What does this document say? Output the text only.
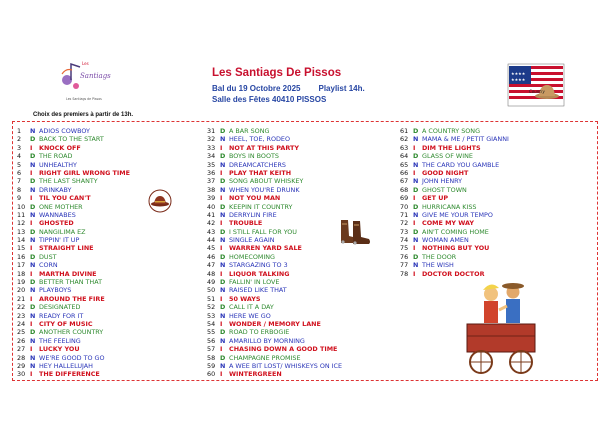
Santiags
Les
Les Santiags de Pissos
Les Santiags De Pissos
Bal du 19 Octobre 2025 Playlist 14h.
Salle des Fêtes 40410 PISSOS
★★★★
★★★★
Country
Choix des premiers à partir de 13h.
1 N ADIOS COWBOY
2 D BACK TO THE START
3 I KNOCK OFF
4 D THE ROAD
5 N UNHEALTHY
6 I RIGHT GIRL WRONG TIME
7 D THE LAST SHANTY
8 N DRINKABY
9 I TIL YOU CAN'T
10 D ONE MOTHER
11 N WANNABES
12 I GHOSTED
13 D NANGILIMA EZ
14 N TIPPIN' IT UP
15 I STRAIGHT LINE
16 D DUST
17 N CORN
18 I MARTHA DIVINE
19 D BETTER THAN THAT
20 N PLAYBOYS
21 I AROUND THE FIRE
22 D DESIGNATED
23 N READY FOR IT
24 I CITY OF MUSIC
25 D ANOTHER COUNTRY
26 N THE FEELING
27 I LUCKY YOU
28 N WE'RE GOOD TO GO
29 N HEY HALLELUJAH
30 I THE DIFFERENCE
31 D A BAR SONG
32 N HEEL, TOE, RODEO
33 I NOT AT THIS PARTY
34 D BOYS IN BOOTS
35 N DREAMCATCHERS
36 I PLAY THAT KEITH
37 D SONG ABOUT WHISKEY
38 N WHEN YOU'RE DRUNK
39 I NOT YOU MAN
40 D KEEPIN IT COUNTRY
41 N DERRYLIN FIRE
42 I TROUBLE
43 D I STILL FALL FOR YOU
44 N SINGLE AGAIN
45 I WARREN YARD SALE
46 D HOMECOMING
47 N STARGAZING TO 3
48 I LIQUOR TALKING
49 D FALLIN' IN LOVE
50 N RAISED LIKE THAT
51 I 50 WAYS
52 D CALL IT A DAY
53 N HERE WE GO
54 I WONDER / MEMORY LANE
55 D ROAD TO ERBOGIE
56 N AMARILLO BY MORNING
57 I CHASING DOWN A GOOD TIME
58 D CHAMPAGNE PROMISE
59 N A WEE BIT LOST/ WHISKEYS ON ICE
60 I WINTERGREEN
61 D A COUNTRY SONG
62 N MAMA & ME / PETIT GIANNI
63 I DIM THE LIGHTS
64 D GLASS OF WINE
65 N THE CARD YOU GAMBLE
66 I GOOD NIGHT
67 N JOHN HENRY
68 D GHOST TOWN
69 I GET UP
70 D HURRICANA KISS
71 N GIVE ME YOUR TEMPO
72 I COME MY WAY
73 D AIN'T COMING HOME
74 N WOMAN AMEN
75 I NOTHING BUT YOU
76 D THE DOOR
77 N THE WISH
78 I DOCTOR DOCTOR
